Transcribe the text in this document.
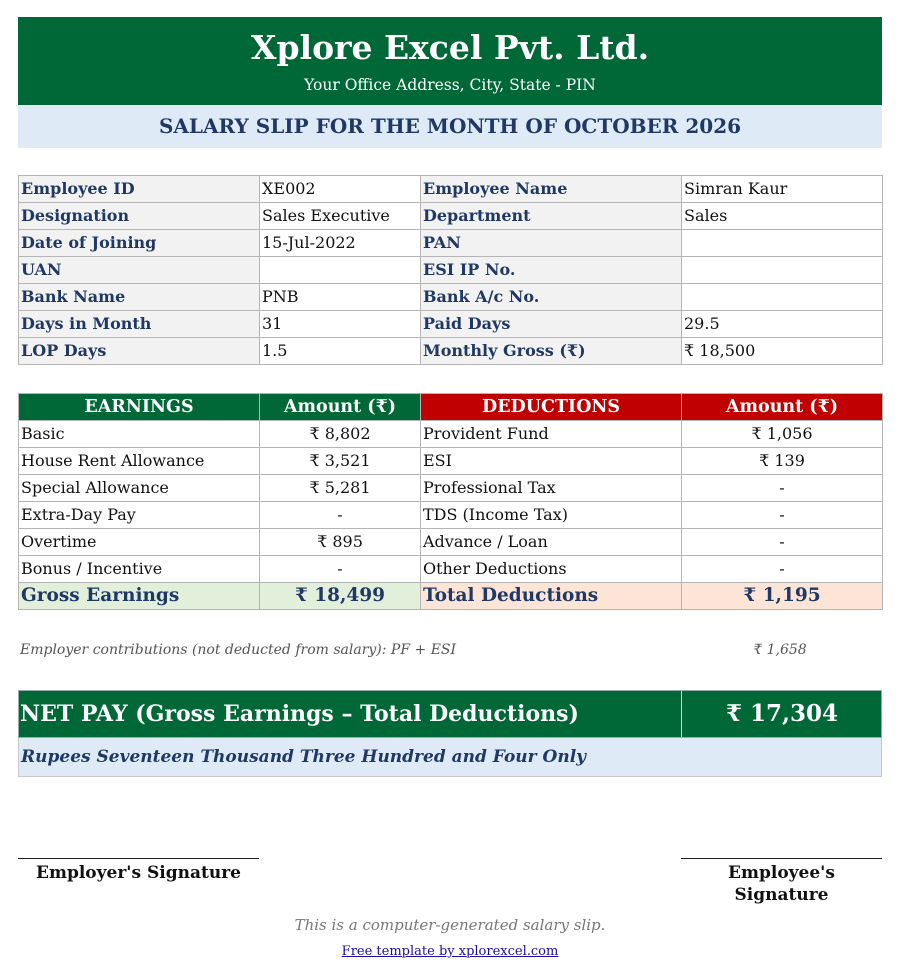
Xplore Excel Pvt. Ltd.
Your Office Address, City, State - PIN
SALARY SLIP FOR THE MONTH OF OCTOBER 2026
Employee ID	XE002	Employee Name	Simran Kaur
Designation	Sales Executive	Department	Sales
Date of Joining	15-Jul-2022	PAN	
UAN		ESI IP No.	
Bank Name	PNB	Bank A/c No.	
Days in Month	31	Paid Days	29.5
LOP Days	1.5	Monthly Gross (₹)	₹ 18,500
EARNINGS	Amount (₹)	DEDUCTIONS	Amount (₹)
Basic	₹ 8,802	Provident Fund	₹ 1,056
House Rent Allowance	₹ 3,521	ESI	₹ 139
Special Allowance	₹ 5,281	Professional Tax	-
Extra-Day Pay	-	TDS (Income Tax)	-
Overtime	₹ 895	Advance / Loan	-
Bonus / Incentive	-	Other Deductions	-
Gross Earnings	₹ 18,499	Total Deductions	₹ 1,195
Employer contributions (not deducted from salary): PF + ESI	₹ 1,658
NET PAY (Gross Earnings – Total Deductions)	₹ 17,304
Rupees Seventeen Thousand Three Hundred and Four Only
Employer's Signature	Employee's Signature
This is a computer-generated salary slip.
Free template by xplorexcel.com
